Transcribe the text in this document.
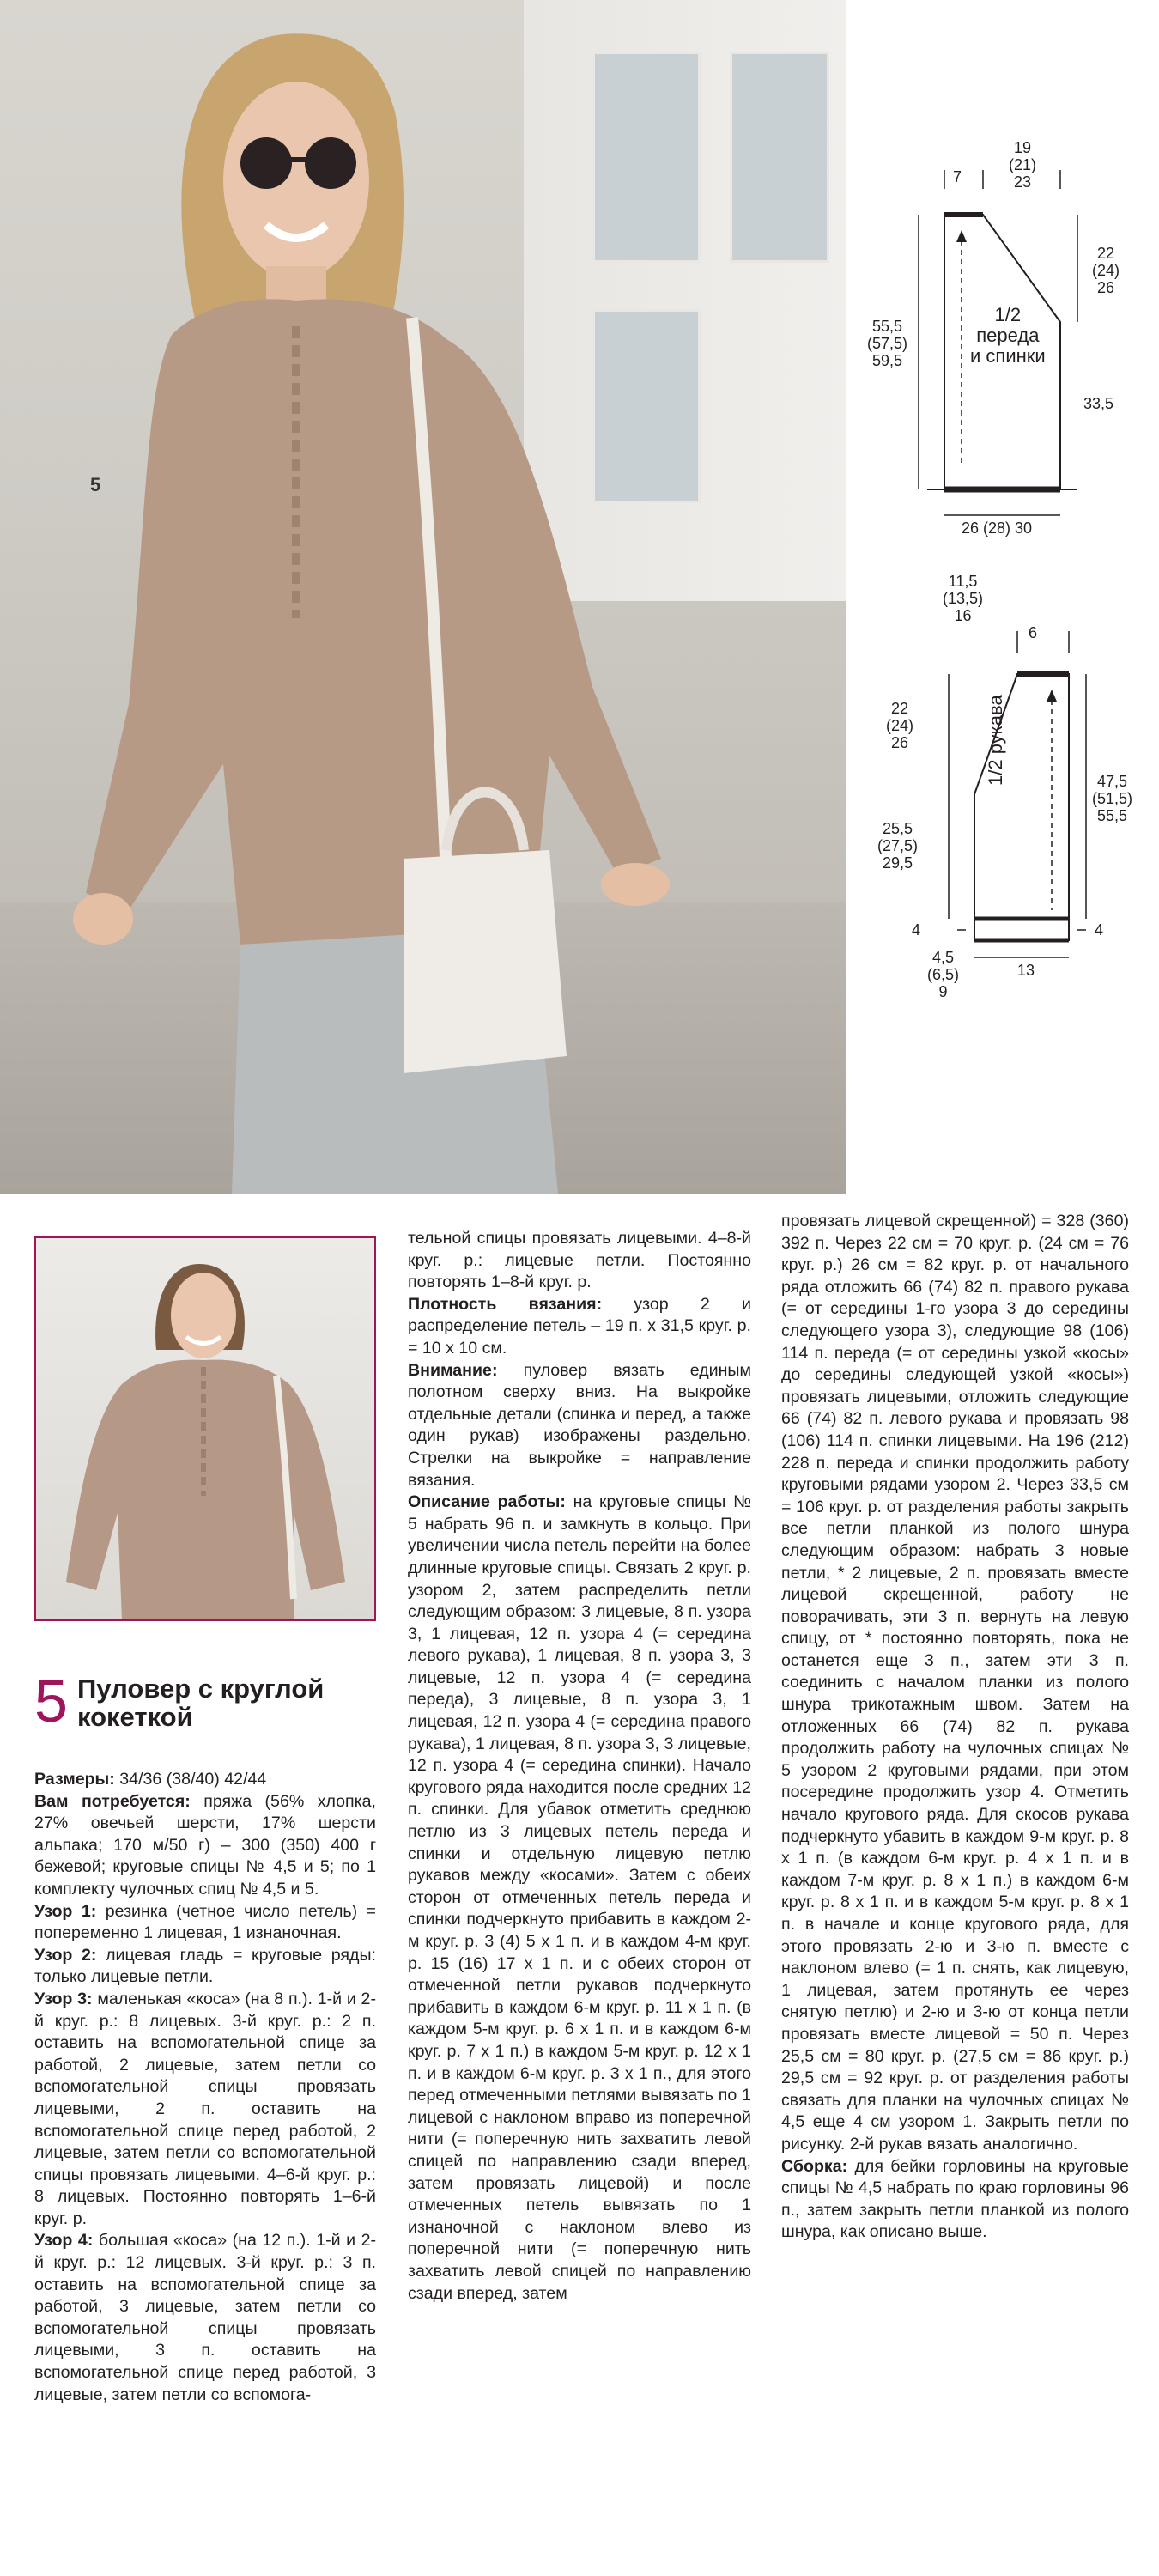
5
7
19
(21)
23
22
(24)
26
55,5
(57,5)
59,5
33,5
1/2
переда
и спинки
26 (28) 30
11,5
(13,5)
16
6
22
(24)
26
25,5
(27,5)
29,5
47,5
(51,5)
55,5
1/2 рукава
4	4
4,5
(6,5)
9
13
5 Пуловер с круглой кокеткой

Размеры: 34/36 (38/40) 42/44

Вам потребуется: пряжа (56% хлопка, 27% овечьей шерсти, 17% шерсти альпака; 170 м/50 г) – 300 (350) 400 г бежевой; круговые спицы № 4,5 и 5; по 1 комплекту чулочных спиц № 4,5 и 5.

Узор 1: резинка (четное число петель) = попеременно 1 лицевая, 1 изнаночная.

Узор 2: лицевая гладь = круговые ряды: только лицевые петли.

Узор 3: маленькая «коса» (на 8 п.). 1-й и 2-й круг. р.: 8 лицевых. 3-й круг. р.: 2 п. оставить на вспомогательной спице за работой, 2 лицевые, затем петли со вспомогательной спицы провязать лицевыми, 2 п. оставить на вспомогательной спице перед работой, 2 лицевые, затем петли со вспомогательной спицы провязать лицевыми. 4–6-й круг. р.: 8 лицевых. Постоянно повторять 1–6-й круг. р.

Узор 4: большая «коса» (на 12 п.). 1-й и 2-й круг. р.: 12 лицевых. 3-й круг. р.: 3 п. оставить на вспомогательной спице за работой, 3 лицевые, затем петли со вспомогательной спицы провязать лицевыми, 3 п. оставить на вспомогательной спице перед работой, 3 лицевые, затем петли со вспомога-

тельной спицы провязать лицевыми. 4–8-й круг. р.: лицевые петли. Постоянно повторять 1–8-й круг. р.

Плотность вязания: узор 2 и распределение петель – 19 п. х 31,5 круг. р. = 10 х 10 см.

Внимание: пуловер вязать единым полотном сверху вниз. На выкройке отдельные детали (спинка и перед, а также один рукав) изображены раздельно. Стрелки на выкройке = направление вязания.

Описание работы: на круговые спицы № 5 набрать 96 п. и замкнуть в кольцо. При увеличении числа петель перейти на более длинные круговые спицы. Связать 2 круг. р. узором 2, затем распределить петли следующим образом: 3 лицевые, 8 п. узора 3, 1 лицевая, 12 п. узора 4 (= середина левого рукава), 1 лицевая, 8 п. узора 3, 3 лицевые, 12 п. узора 4 (= середина переда), 3 лицевые, 8 п. узора 3, 1 лицевая, 12 п. узора 4 (= середина правого рукава), 1 лицевая, 8 п. узора 3, 3 лицевые, 12 п. узора 4 (= середина спинки). Начало кругового ряда находится после средних 12 п. спинки. Для убавок отметить среднюю петлю из 3 лицевых петель переда и спинки и отдельную лицевую петлю рукавов между «косами». Затем с обеих сторон от отмеченных петель переда и спинки подчеркнуто прибавить в каждом 2-м круг. р. 3 (4) 5 х 1 п. и в каждом 4-м круг. р. 15 (16) 17 х 1 п. и с обеих сторон от отмеченной петли рукавов подчеркнуто прибавить в каждом 6-м круг. р. 11 х 1 п. (в каждом 5-м круг. р. 6 х 1 п. и в каждом 6-м круг. р. 7 х 1 п.) в каждом 5-м круг. р. 12 х 1 п. и в каждом 6-м круг. р. 3 х 1 п., для этого перед отмеченными петлями вывязать по 1 лицевой с наклоном вправо из поперечной нити (= поперечную нить захватить левой спицей по направлению сзади вперед, затем провязать лицевой) и после отмеченных петель вывязать по 1 изнаночной с наклоном влево из поперечной нити (= поперечную нить захватить левой спицей по направлению сзади вперед, затем

провязать лицевой скрещенной) = 328 (360) 392 п. Через 22 см = 70 круг. р. (24 см = 76 круг. р.) 26 см = 82 круг. р. от начального ряда отложить 66 (74) 82 п. правого рукава (= от середины 1-го узора 3 до середины следующего узора 3), следующие 98 (106) 114 п. переда (= от середины узкой «косы» до середины следующей узкой «косы») провязать лицевыми, отложить следующие 66 (74) 82 п. левого рукава и провязать 98 (106) 114 п. спинки лицевыми. На 196 (212) 228 п. переда и спинки продолжить работу круговыми рядами узором 2. Через 33,5 см = 106 круг. р. от разделения работы закрыть все петли планкой из полого шнура следующим образом: набрать 3 новые петли, * 2 лицевые, 2 п. провязать вместе лицевой скрещенной, работу не поворачивать, эти 3 п. вернуть на левую спицу, от * постоянно повторять, пока не останется еще 3 п., затем эти 3 п. соединить с началом планки из полого шнура трикотажным швом. Затем на отложенных 66 (74) 82 п. рукава продолжить работу на чулочных спицах № 5 узором 2 круговыми рядами, при этом посередине продолжить узор 4. Отметить начало кругового ряда. Для скосов рукава подчеркнуто убавить в каждом 9-м круг. р. 8 х 1 п. (в каждом 6-м круг. р. 4 х 1 п. и в каждом 7-м круг. р. 8 х 1 п.) в каждом 6-м круг. р. 8 х 1 п. и в каждом 5-м круг. р. 8 х 1 п. в начале и конце кругового ряда, для этого провязать 2-ю и 3-ю п. вместе с наклоном влево (= 1 п. снять, как лицевую, 1 лицевая, затем протянуть ее через снятую петлю) и 2-ю и 3-ю от конца петли провязать вместе лицевой = 50 п. Через 25,5 см = 80 круг. р. (27,5 см = 86 круг. р.) 29,5 см = 92 круг. р. от разделения работы связать для планки на чулочных спицах № 4,5 еще 4 см узором 1. Закрыть петли по рисунку. 2-й рукав вязать аналогично.

Сборка: для бейки горловины на круговые спицы № 4,5 набрать по краю горловины 96 п., затем закрыть петли планкой из полого шнура, как описано выше.
